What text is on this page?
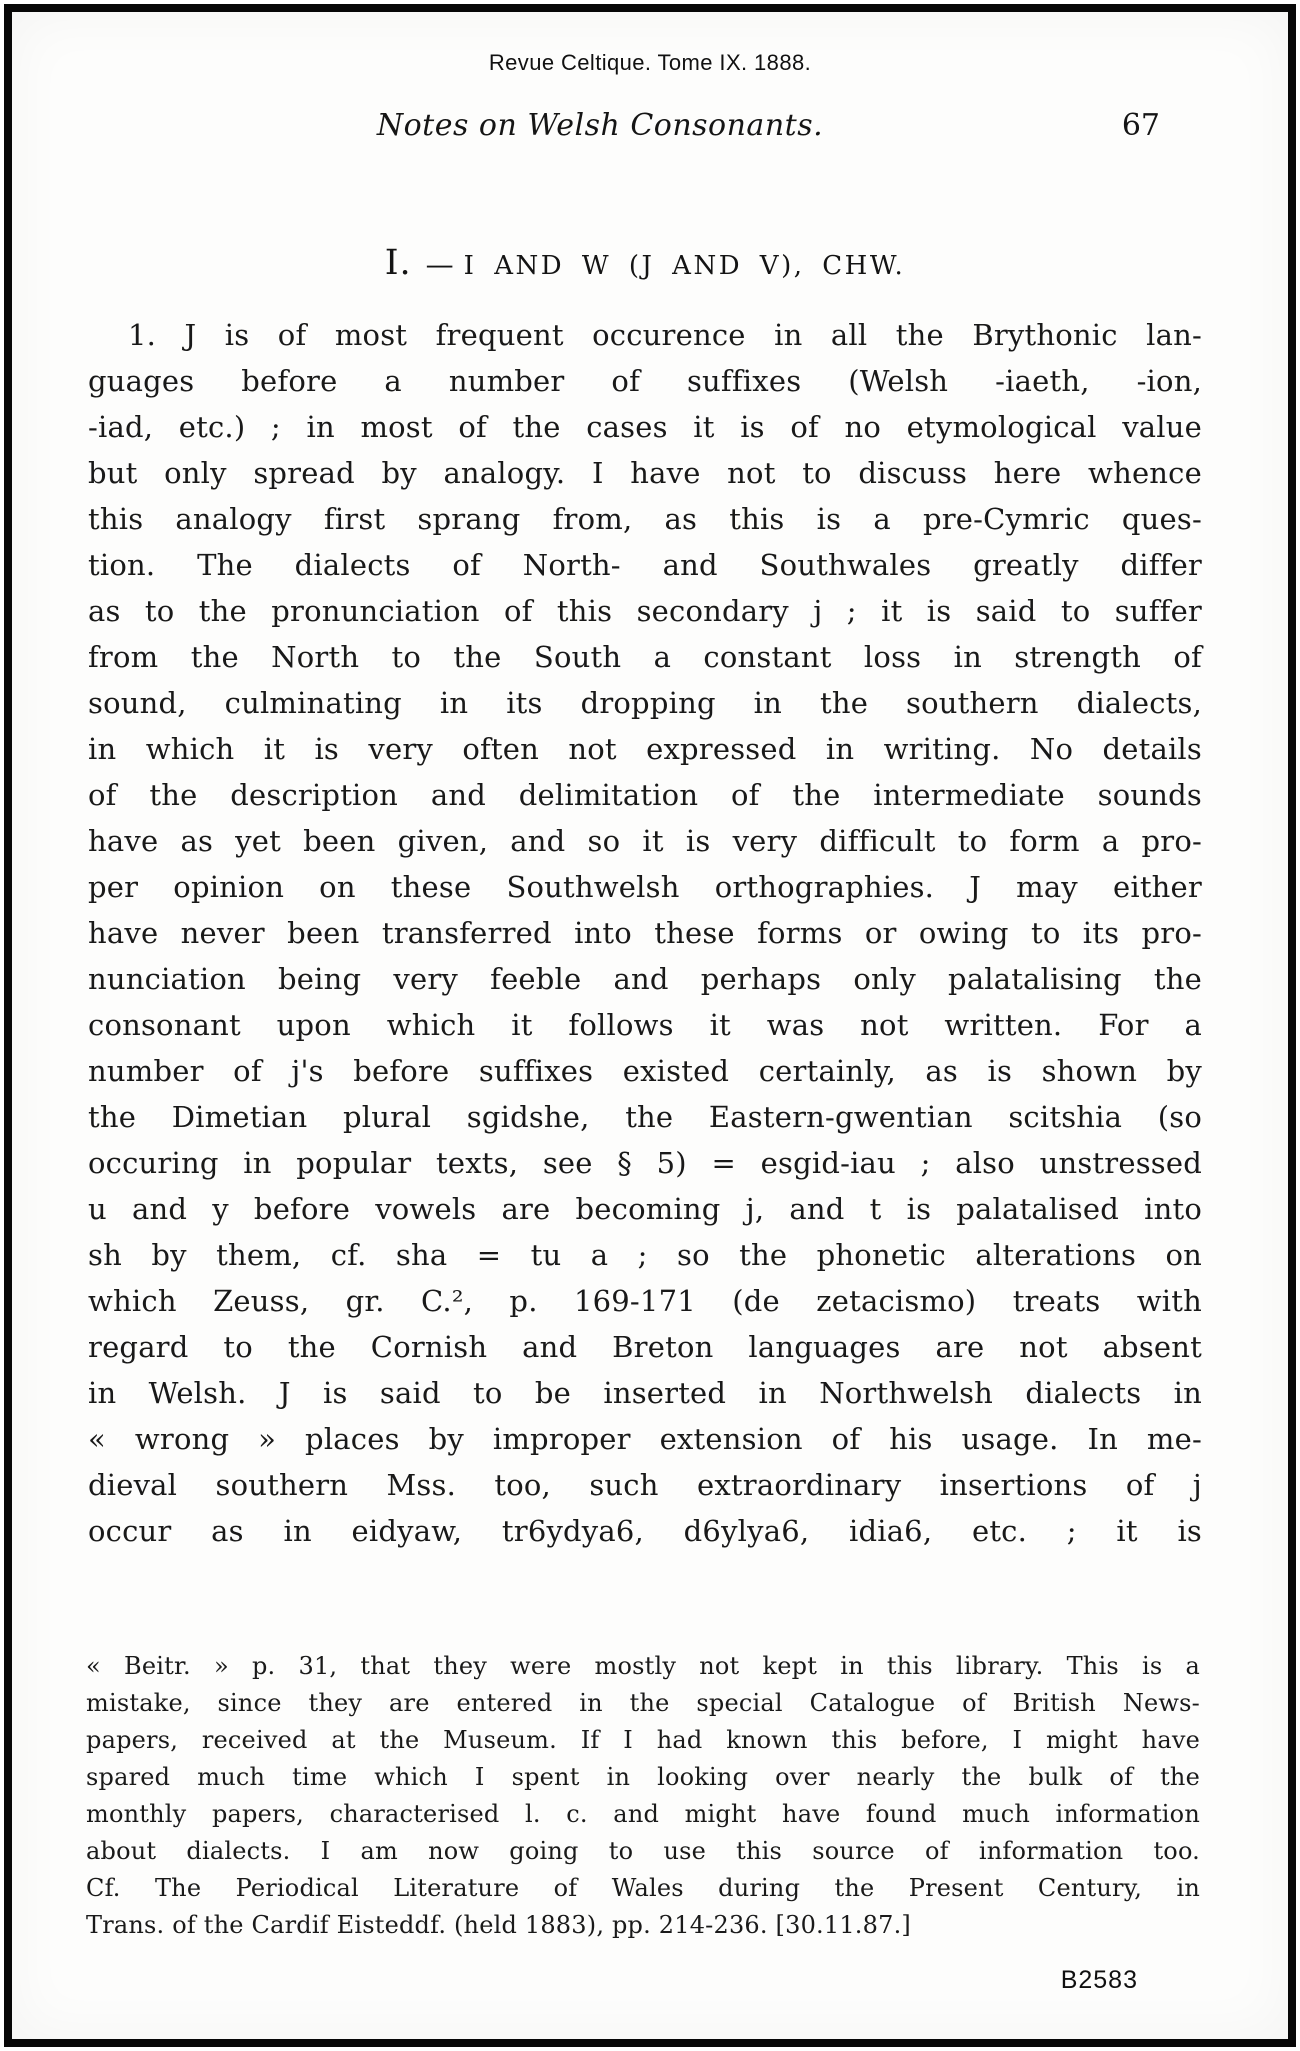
Revue Celtique. Tome IX. 1888.
Notes on Welsh Consonants.	67
I. — I AND W (J AND V), CHW.
1. J is of most frequent occurence in all the Brythonic lan-
guages before a number of suffixes (Welsh -iaeth, -ion,
-iad, etc.) ; in most of the cases it is of no etymological value
but only spread by analogy. I have not to discuss here whence
this analogy first sprang from, as this is a pre-Cymric ques-
tion. The dialects of North- and Southwales greatly differ
as to the pronunciation of this secondary j ; it is said to suffer
from the North to the South a constant loss in strength of
sound, culminating in its dropping in the southern dialects,
in which it is very often not expressed in writing. No details
of the description and delimitation of the intermediate sounds
have as yet been given, and so it is very difficult to form a pro-
per opinion on these Southwelsh orthographies. J may either
have never been transferred into these forms or owing to its pro-
nunciation being very feeble and perhaps only palatalising the
consonant upon which it follows it was not written. For a
number of j's before suffixes existed certainly, as is shown by
the Dimetian plural sgidshe, the Eastern-gwentian scitshia (so
occuring in popular texts, see § 5) = esgid-iau ; also unstressed
u and y before vowels are becoming j, and t is palatalised into
sh by them, cf. sha = tu a ; so the phonetic alterations on
which Zeuss, gr. C.², p. 169-171 (de zetacismo) treats with
regard to the Cornish and Breton languages are not absent
in Welsh. J is said to be inserted in Northwelsh dialects in
« wrong » places by improper extension of his usage. In me-
dieval southern Mss. too, such extraordinary insertions of j
occur as in eidyaw, tr6ydya6, d6ylya6, idia6, etc. ; it is
« Beitr. » p. 31, that they were mostly not kept in this library. This is a
mistake, since they are entered in the special Catalogue of British News-
papers, received at the Museum. If I had known this before, I might have
spared much time which I spent in looking over nearly the bulk of the
monthly papers, characterised l. c. and might have found much information
about dialects. I am now going to use this source of information too.
Cf. The Periodical Literature of Wales during the Present Century, in
Trans. of the Cardif Eisteddf. (held 1883), pp. 214-236. [30.11.87.]
B2583
